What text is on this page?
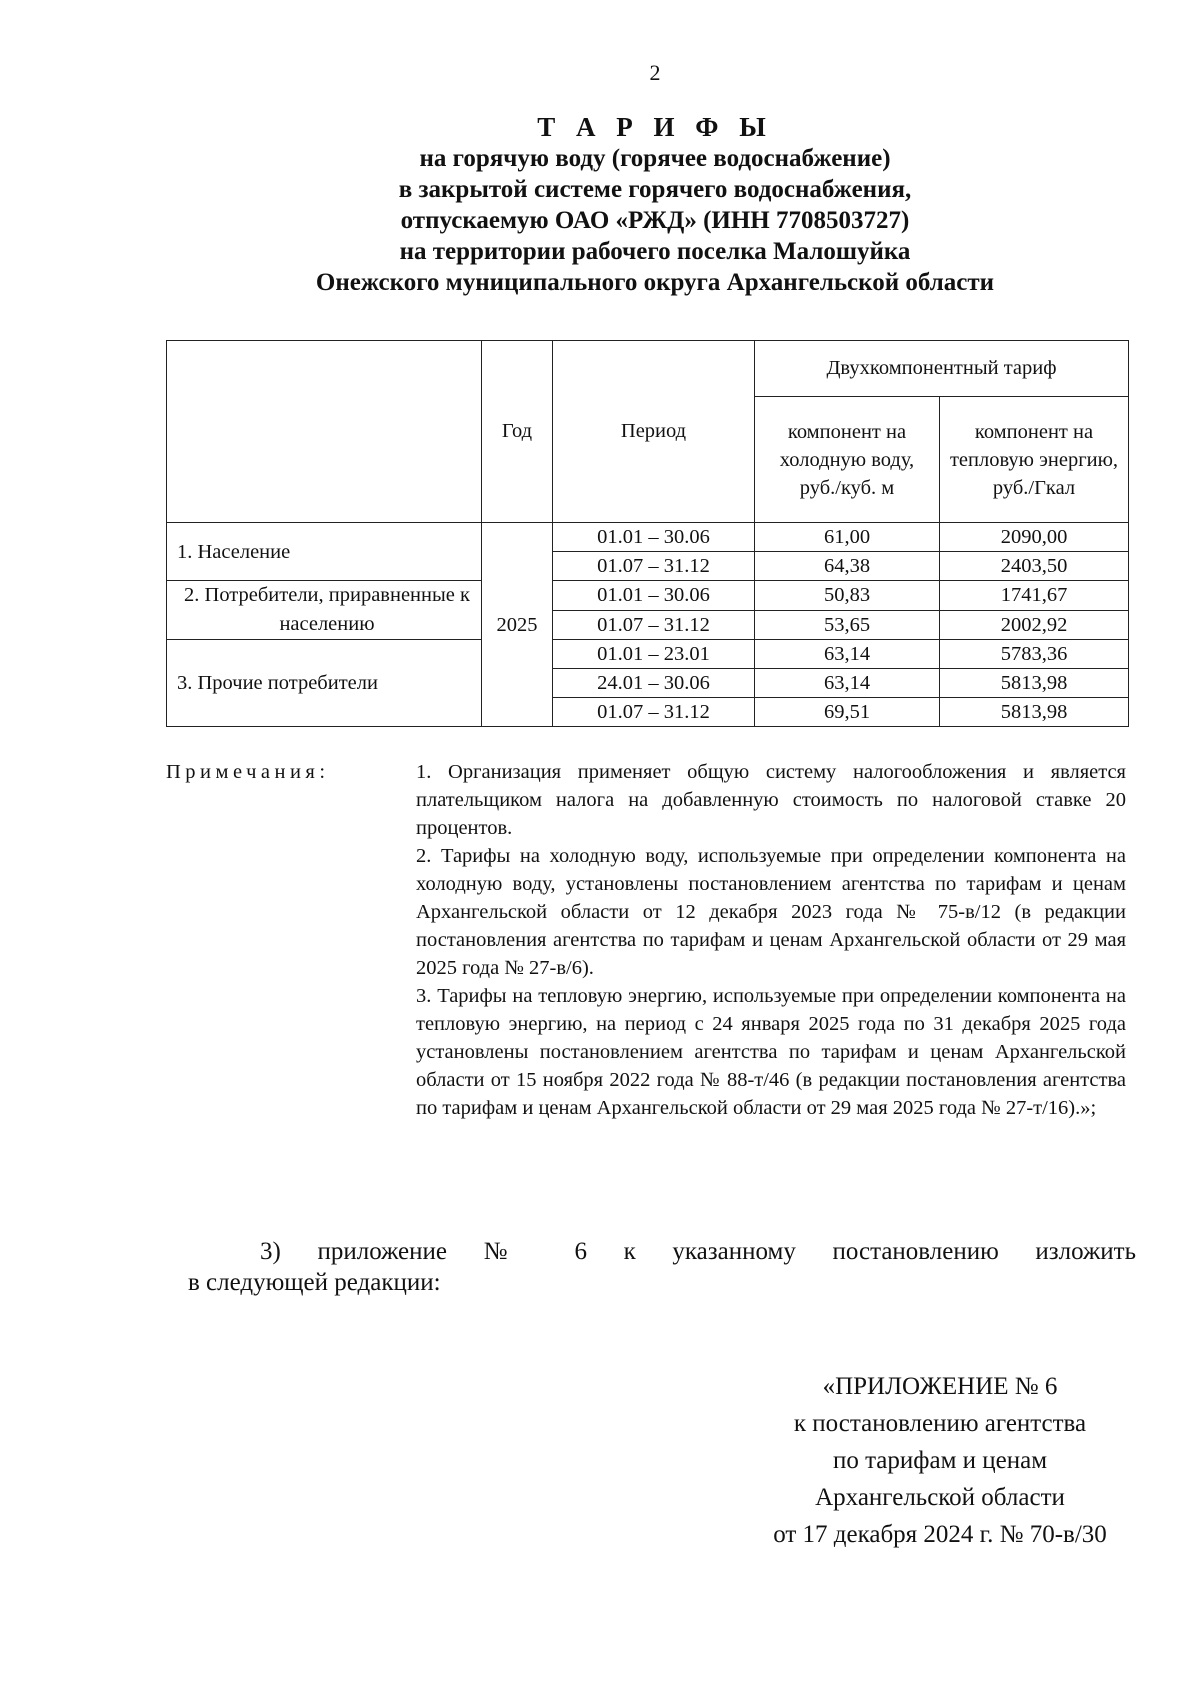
2
Т А Р И Ф Ы
на горячую воду (горячее водоснабжение)
в закрытой системе горячего водоснабжения,
отпускаемую ОАО «РЖД» (ИНН 7708503727)
на территории рабочего поселка Малошуйка
Онежского муниципального округа Архангельской области
	Год	Период	Двухкомпонентный тариф	
			компонент на холодную воду, руб./куб. м	компонент на тепловую энергию, руб./Гкал
1. Население	2025	01.01 – 30.06	61,00	2090,00
		01.07 – 31.12	64,38	2403,50
2. Потребители, приравненные к населению		01.01 – 30.06	50,83	1741,67
		01.07 – 31.12	53,65	2002,92
3. Прочие потребители		01.01 – 23.01	63,14	5783,36
		24.01 – 30.06	63,14	5813,98
		01.07 – 31.12	69,51	5813,98
Примечания:	1. Организация применяет общую систему налогообложения и является плательщиком налога на добавленную стоимость по налоговой ставке 20 процентов.

2. Тарифы на холодную воду, используемые при определении компонента на холодную воду, установлены постановлением агентства по тарифам и ценам Архангельской области от 12 декабря 2023 года № 75-в/12 (в редакции постановления агентства по тарифам и ценам Архангельской области от 29 мая 2025 года № 27-в/6).

3. Тарифы на тепловую энергию, используемые при определении компонента на тепловую энергию, на период с 24 января 2025 года по 31 декабря 2025 года установлены постановлением агентства по тарифам и ценам Архангельской области от 15 ноября 2022 года № 88-т/46 (в редакции постановления агентства по тарифам и ценам Архангельской области от 29 мая 2025 года № 27-т/16).»;

3) приложение № 6 к указанному постановлению изложить
в следующей редакции:
«ПРИЛОЖЕНИЕ № 6
к постановлению агентства
по тарифам и ценам
Архангельской области
от 17 декабря 2024 г. № 70-в/30
